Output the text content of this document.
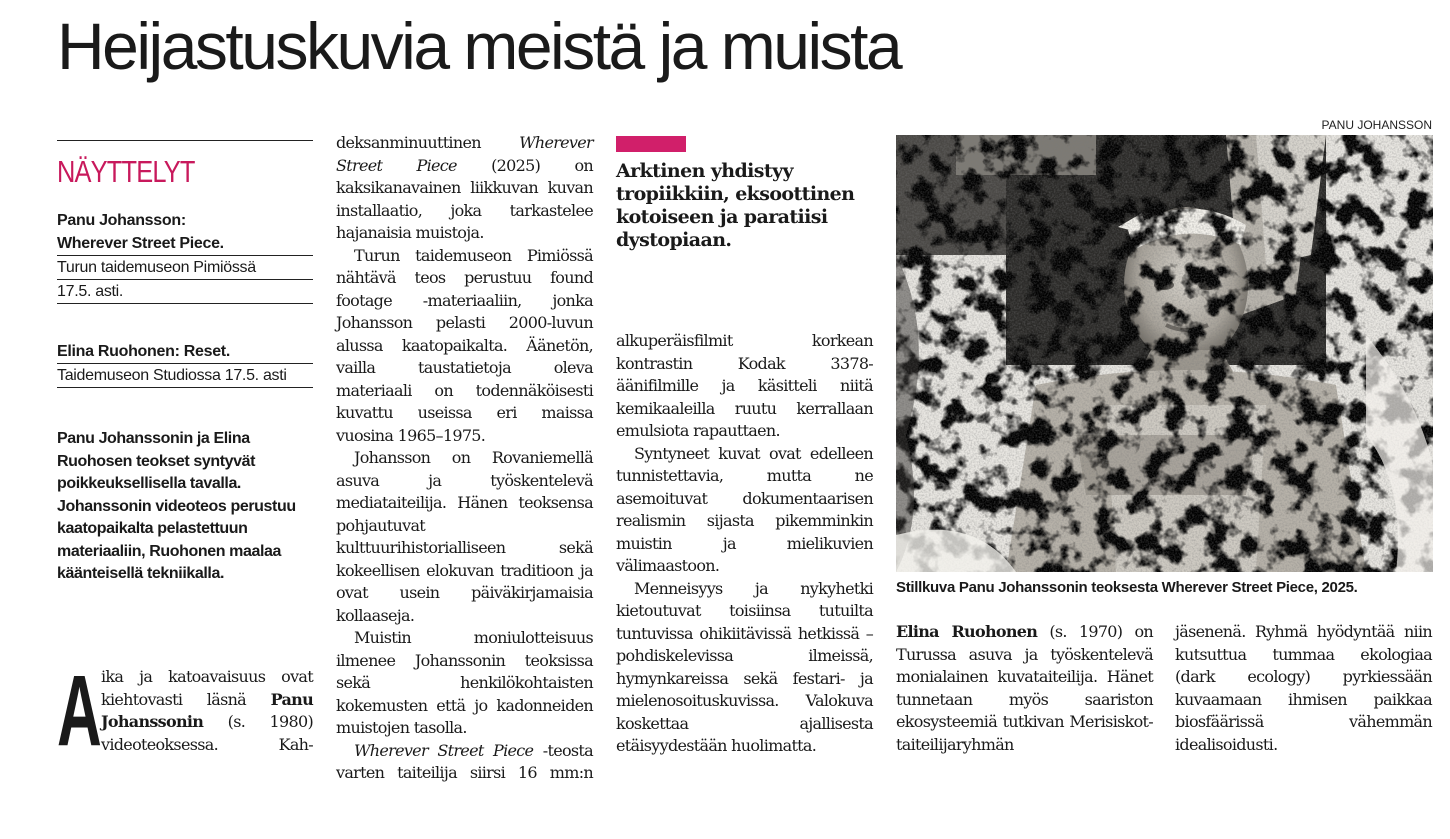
Heijastuskuvia meistä ja muista
PANU JOHANSSON
NÄYTTELYT
Panu Johansson:
Wherever Street Piece.
Turun taidemuseon Pimiössä
17.5. asti.
Elina Ruohonen: Reset.
Taidemuseon Studiossa 17.5. asti
Panu Johanssonin ja Elina Ruohosen teokset syntyvät poikkeuksellisella tavalla. Johanssonin videoteos perustuu kaatopaikalta pelastettuun materiaaliin, Ruohonen maalaa käänteisellä tekniikalla.
A ika ja katoavaisuus ovat kiehtovasti läsnä Panu Johanssonin (s. 1980) videoteoksessa. Kah-

deksanminuuttinen Wherever Street Piece (2025) on kaksikanavainen liikkuvan kuvan installaatio, joka tarkastelee hajanaisia muistoja.

Turun taidemuseon Pimiössä nähtävä teos perustuu found footage -materiaaliin, jonka Johansson pelasti 2000-luvun alussa kaatopaikalta. Äänetön, vailla taustatietoja oleva materiaali on todennäköisesti kuvattu useissa eri maissa vuosina 1965–1975.

Johansson on Rovaniemellä asuva ja työskentelevä mediataiteilija. Hänen teoksensa pohjautuvat kulttuurihistorialliseen sekä kokeellisen elokuvan traditioon ja ovat usein päiväkirjamaisia kollaaseja.

Muistin moniulotteisuus ilmenee Johanssonin teoksissa sekä henkilökohtaisten kokemusten että jo kadonneiden muistojen tasolla.

Wherever Street Piece -teosta varten taiteilija siirsi 16 mm:n

Arktinen yhdistyy tropiikkiin, eksoottinen kotoiseen ja paratiisi dystopiaan.

alkuperäisfilmit korkean kontrastin Kodak 3378-äänifilmille ja käsitteli niitä kemikaaleilla ruutu kerrallaan emulsiota rapauttaen.

Syntyneet kuvat ovat edelleen tunnistettavia, mutta ne asemoituvat dokumentaarisen realismin sijasta pikemminkin muistin ja mielikuvien välimaastoon.

Menneisyys ja nykyhetki kietoutuvat toisiinsa tutuilta tuntuvissa ohikiitävissä hetkissä – pohdiskelevissa ilmeissä, hymynkareissa sekä festari- ja mielenosoituskuvissa. Valokuva koskettaa ajallisesta etäisyydestään huolimatta.

Stillkuva Panu Johanssonin teoksesta Wherever Street Piece, 2025.

Elina Ruohonen (s. 1970) on Turussa asuva ja työskentelevä monialainen kuvataiteilija. Hänet tunnetaan myös saariston ekosysteemiä tutkivan Merisiskot-taiteilijaryhmän

jäsenenä. Ryhmä hyödyntää niin kutsuttua tummaa ekologiaa (dark ecology) pyrkiessään kuvaamaan ihmisen paikkaa biosfäärissä vähemmän idealisoidusti.
